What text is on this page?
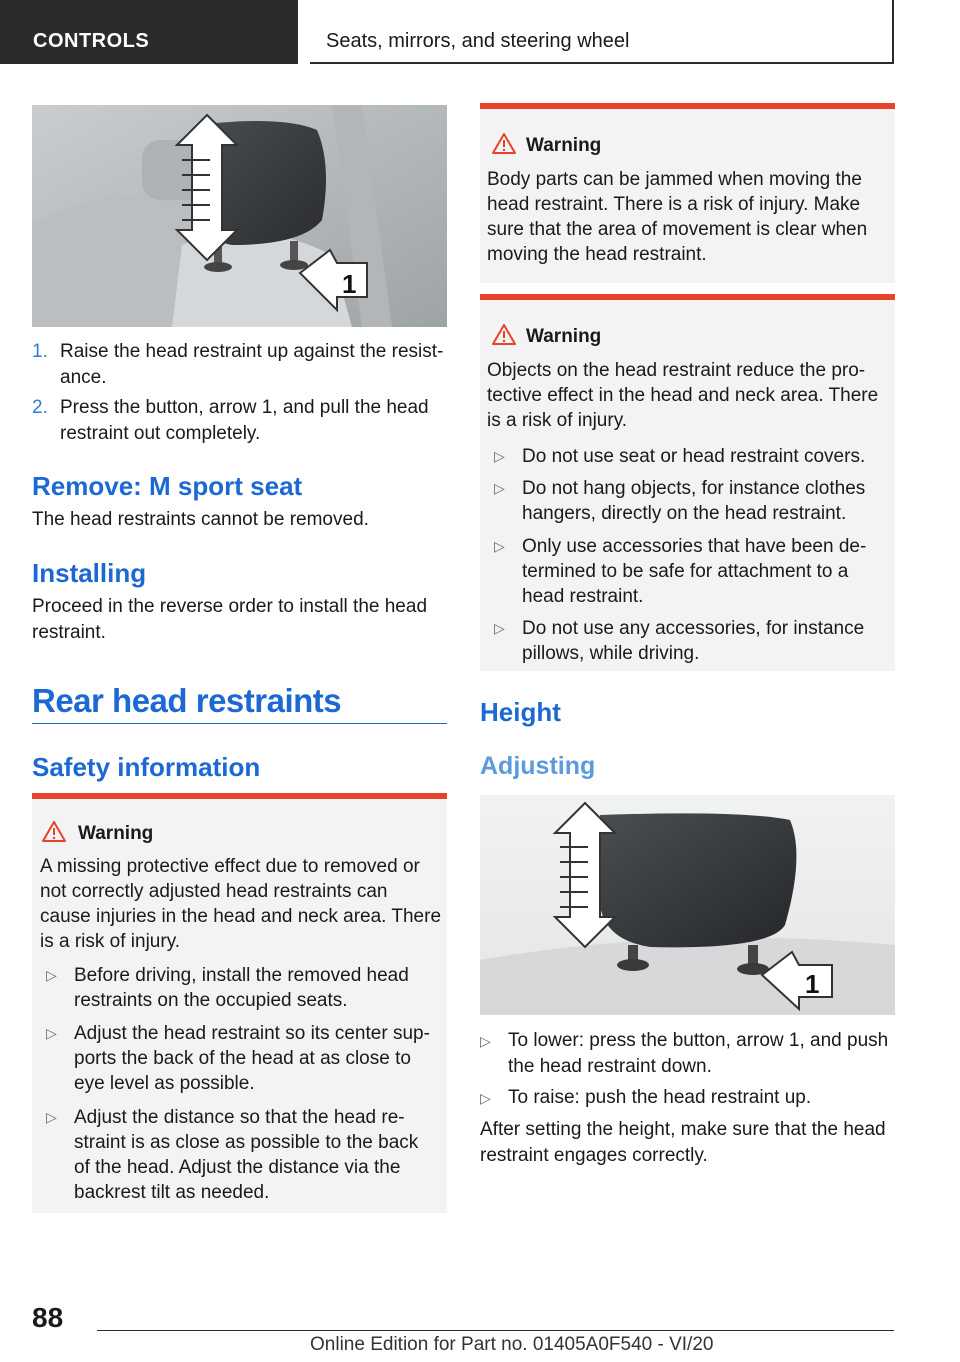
CONTROLS	Seats, mirrors, and steering wheel
1
1. Raise the head restraint up against the resist-
ance.
2. Press the button, arrow 1, and pull the head
restraint out completely.
Remove: M sport seat
The head restraints cannot be removed.
Installing
Proceed in the reverse order to install the head
restraint.
Rear head restraints
Safety information
Warning
A missing protective effect due to removed or
not correctly adjusted head restraints can
cause injuries in the head and neck area. There
is a risk of injury.
▷ Before driving, install the removed head
restraints on the occupied seats.
▷ Adjust the head restraint so its center sup-
ports the back of the head at as close to
eye level as possible.
▷ Adjust the distance so that the head re-
straint is as close as possible to the back
of the head. Adjust the distance via the
backrest tilt as needed.
Warning
Body parts can be jammed when moving the
head restraint. There is a risk of injury. Make
sure that the area of movement is clear when
moving the head restraint.
Warning
Objects on the head restraint reduce the pro-
tective effect in the head and neck area. There
is a risk of injury.
▷ Do not use seat or head restraint covers.
▷ Do not hang objects, for instance clothes
hangers, directly on the head restraint.
▷ Only use accessories that have been de-
termined to be safe for attachment to a
head restraint.
▷ Do not use any accessories, for instance
pillows, while driving.
Height
Adjusting
1
▷ To lower: press the button, arrow 1, and push
the head restraint down.
▷ To raise: push the head restraint up.
After setting the height, make sure that the head
restraint engages correctly.
88
Online Edition for Part no. 01405A0F540 - VI/20
